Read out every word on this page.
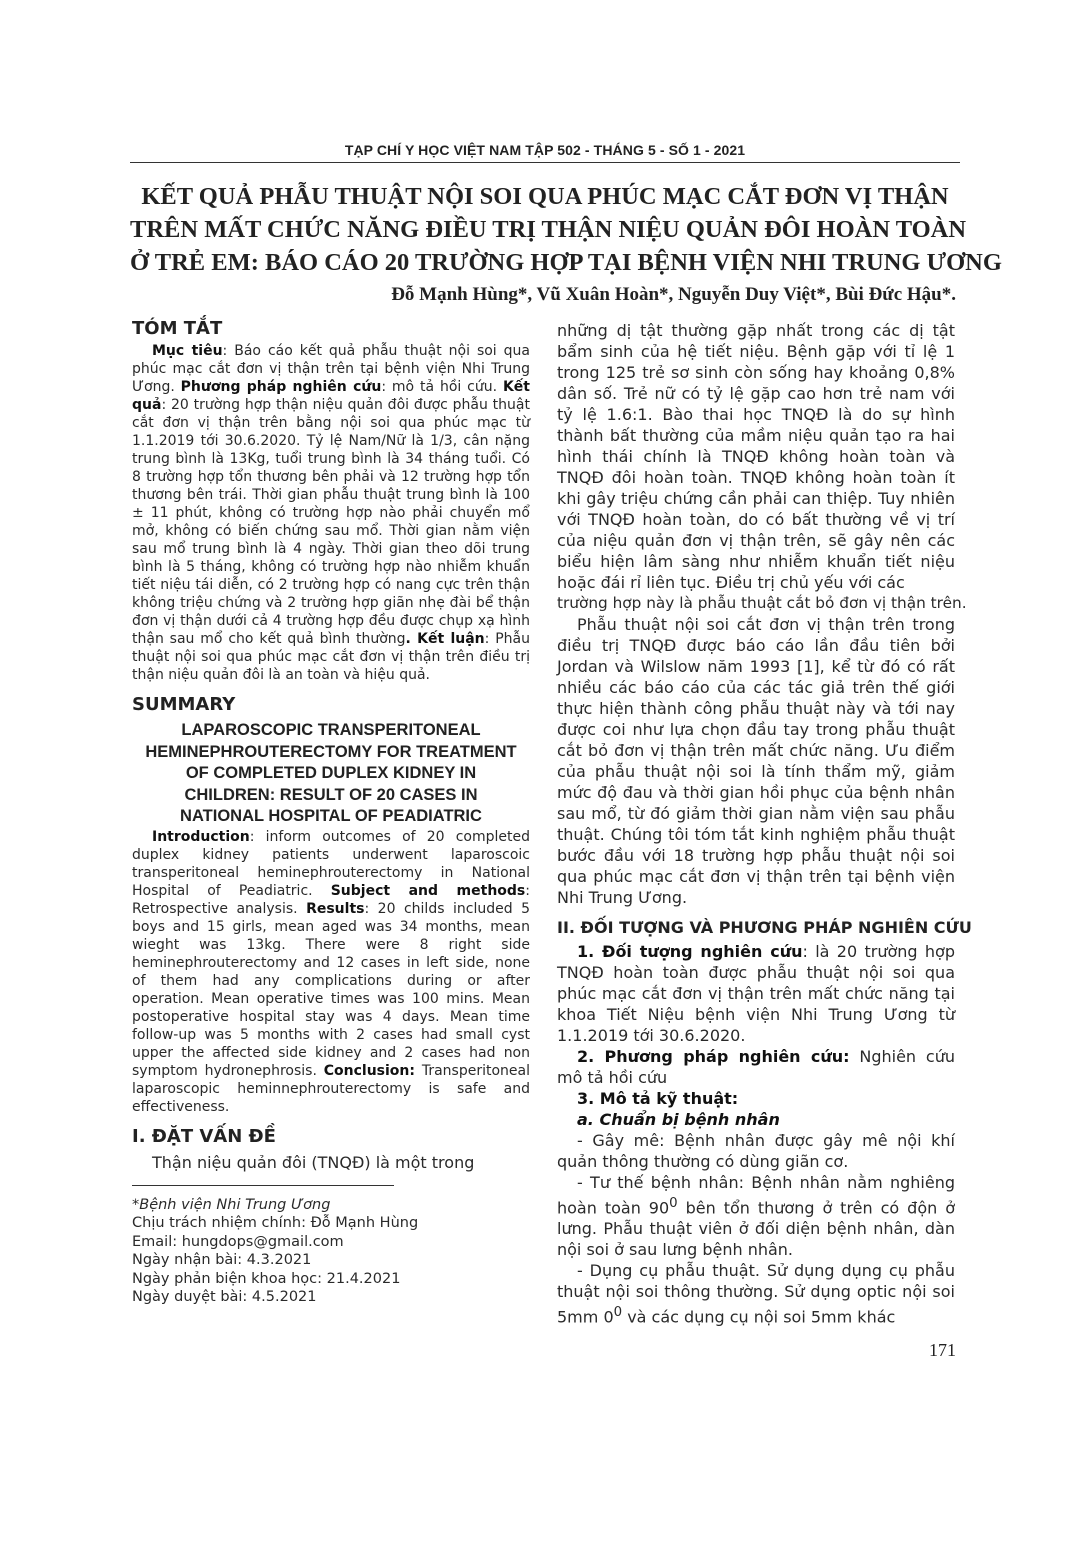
TẠP CHÍ Y HỌC VIỆT NAM TẬP 502 - THÁNG 5 - SỐ 1 - 2021
KẾT QUẢ PHẪU THUẬT NỘI SOI QUA PHÚC MẠC CẮT ĐƠN VỊ THẬN
TRÊN MẤT CHỨC NĂNG ĐIỀU TRỊ THẬN NIỆU QUẢN ĐÔI HOÀN TOÀN
Ở TRẺ EM: BÁO CÁO 20 TRƯỜNG HỢP TẠI BỆNH VIỆN NHI TRUNG ƯƠNG
Đỗ Mạnh Hùng*, Vũ Xuân Hoàn*, Nguyễn Duy Việt*, Bùi Đức Hậu*.
TÓM TẮT

Mục tiêu: Báo cáo kết quả phẫu thuật nội soi qua phúc mạc cắt đơn vị thận trên tại bệnh viện Nhi Trung Ương. Phương pháp nghiên cứu: mô tả hồi cứu. Kết quả: 20 trường hợp thận niệu quản đôi được phẫu thuật cắt đơn vị thận trên bằng nội soi qua phúc mạc từ 1.1.2019 tới 30.6.2020. Tỷ lệ Nam/Nữ là 1/3, cân nặng trung bình là 13Kg, tuổi trung bình là 34 tháng tuổi. Có 8 trường hợp tổn thương bên phải và 12 trường hợp tổn thương bên trái. Thời gian phẫu thuật trung bình là 100 ± 11 phút, không có trường hợp nào phải chuyển mổ mở, không có biến chứng sau mổ. Thời gian nằm viện sau mổ trung bình là 4 ngày. Thời gian theo dõi trung bình là 5 tháng, không có trường hợp nào nhiễm khuẩn tiết niệu tái diễn, có 2 trường hợp có nang cực trên thận không triệu chứng và 2 trường hợp giãn nhẹ đài bể thận đơn vị thận dưới cả 4 trường hợp đều được chụp xạ hình thận sau mổ cho kết quả bình thường. Kết luận: Phẫu thuật nội soi qua phúc mạc cắt đơn vị thận trên điều trị thận niệu quản đôi là an toàn và hiệu quả.

SUMMARY
LAPAROSCOPIC TRANSPERITONEAL
HEMINEPHROUTERECTOMY FOR TREATMENT
OF COMPLETED DUPLEX KIDNEY IN
CHILDREN: RESULT OF 20 CASES IN
NATIONAL HOSPITAL OF PEADIATRIC

Introduction: inform outcomes of 20 completed duplex kidney patients underwent laparoscoic transperitoneal heminephrouterectomy in National Hospital of Peadiatric. Subject and methods: Retrospective analysis. Results: 20 childs included 5 boys and 15 girls, mean aged was 34 months, mean wieght was 13kg. There were 8 right side heminephrouterectomy and 12 cases in left side, none of them had any complications during or after operation. Mean operative times was 100 mins. Mean postoperative hospital stay was 4 days. Mean time follow-up was 5 months with 2 cases had small cyst upper the affected side kidney and 2 cases had non symptom hydronephrosis. Conclusion: Transperitoneal laparoscopic heminnephrouterectomy is safe and effectiveness.

I. ĐẶT VẤN ĐỀ

Thận niệu quản đôi (TNQĐ) là một trong

*Bệnh viện Nhi Trung Ương

Chịu trách nhiệm chính: Đỗ Mạnh Hùng

Email: hungdops@gmail.com

Ngày nhận bài: 4.3.2021

Ngày phản biện khoa học: 21.4.2021

Ngày duyệt bài: 4.5.2021

những dị tật thường gặp nhất trong các dị tật bẩm sinh của hệ tiết niệu. Bệnh gặp với tỉ lệ 1 trong 125 trẻ sơ sinh còn sống hay khoảng 0,8% dân số. Trẻ nữ có tỷ lệ gặp cao hơn trẻ nam với tỷ lệ 1.6:1. Bào thai học TNQĐ là do sự hình thành bất thường của mầm niệu quản tạo ra hai hình thái chính là TNQĐ không hoàn toàn và TNQĐ đôi hoàn toàn. TNQĐ không hoàn toàn ít khi gây triệu chứng cần phải can thiệp. Tuy nhiên với TNQĐ hoàn toàn, do có bất thường về vị trí của niệu quản đơn vị thận trên, sẽ gây nên các biểu hiện lâm sàng như nhiễm khuẩn tiết niệu hoặc đái rỉ liên tục. Điều trị chủ yếu với các

trường hợp này là phẫu thuật cắt bỏ đơn vị thận trên.

Phẫu thuật nội soi cắt đơn vị thận trên trong điều trị TNQĐ được báo cáo lần đầu tiên bởi Jordan và Wilslow năm 1993 [1], kể từ đó có rất nhiều các báo cáo của các tác giả trên thế giới thực hiện thành công phẫu thuật này và tới nay được coi như lựa chọn đầu tay trong phẫu thuật cắt bỏ đơn vị thận trên mất chức năng. Ưu điểm của phẫu thuật nội soi là tính thẩm mỹ, giảm mức độ đau và thời gian hồi phục của bệnh nhân sau mổ, từ đó giảm thời gian nằm viện sau phẫu thuật. Chúng tôi tóm tắt kinh nghiệm phẫu thuật bước đầu với 18 trường hợp phẫu thuật nội soi qua phúc mạc cắt đơn vị thận trên tại bệnh viện Nhi Trung Ương.

II. ĐỐI TƯỢNG VÀ PHƯƠNG PHÁP NGHIÊN CỨU

1. Đối tượng nghiên cứu: là 20 trường hợp TNQĐ hoàn toàn được phẫu thuật nội soi qua phúc mạc cắt đơn vị thận trên mất chức năng tại khoa Tiết Niệu bệnh viện Nhi Trung Ương từ 1.1.2019 tới 30.6.2020.

2. Phương pháp nghiên cứu: Nghiên cứu mô tả hồi cứu

3. Mô tả kỹ thuật:

a. Chuẩn bị bệnh nhân

- Gây mê: Bệnh nhân được gây mê nội khí quản thông thường có dùng giãn cơ.

- Tư thế bệnh nhân: Bệnh nhân nằm nghiêng hoàn toàn $90^0$ bên tổn thương ở trên có độn ở lưng. Phẫu thuật viên ở đối diện bệnh nhân, dàn nội soi ở sau lưng bệnh nhân.

- Dụng cụ phẫu thuật. Sử dụng dụng cụ phẫu thuật nội soi thông thường. Sử dụng optic nội soi 5mm $0^0$ và các dụng cụ nội soi 5mm khác

171
